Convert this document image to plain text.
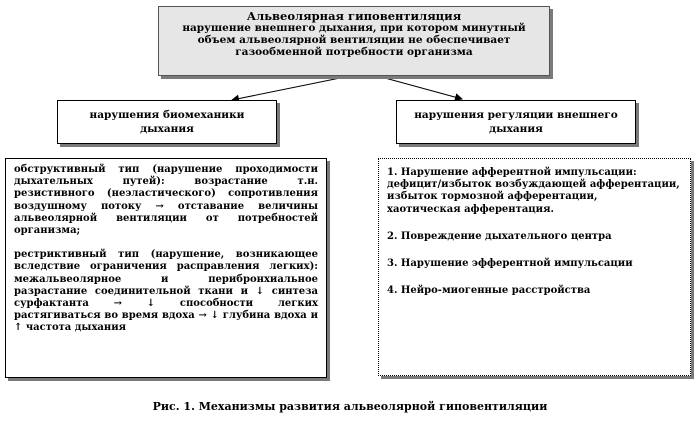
Альвеолярная гиповентиляция
нарушение внешнего дыхания, при котором минутный
объем альвеолярной вентиляции не обеспечивает
газообменной потребности организма
нарушения биомеханики
дыхания
нарушения регуляции внешнего
дыхания

обструктивный тип (нарушение проходимости дыхательных путей): возрастание т.н. резистивного (неэластического) сопротивления воздушному потоку → отставание величины альвеолярной вентиляции от потребностей организма;

рестриктивный тип (нарушение, возникающее вследствие ограничения расправления легких): межальвеолярное и перибронхиальное разрастание соединительной ткани и ↓ синтеза сурфактанта → ↓ способности легких растягиваться во время вдоха → ↓ глубина вдоха и ↑ частота дыхания

1. Нарушение афферентной импульсации:

дефицит/избыток возбуждающей афферентации,

избыток тормозной афферентации,

хаотическая афферентация.

2. Повреждение дыхательного центра

3. Нарушение эфферентной импульсации

4. Нейро-миогенные расстройства

Рис. 1. Механизмы развития альвеолярной гиповентиляции
